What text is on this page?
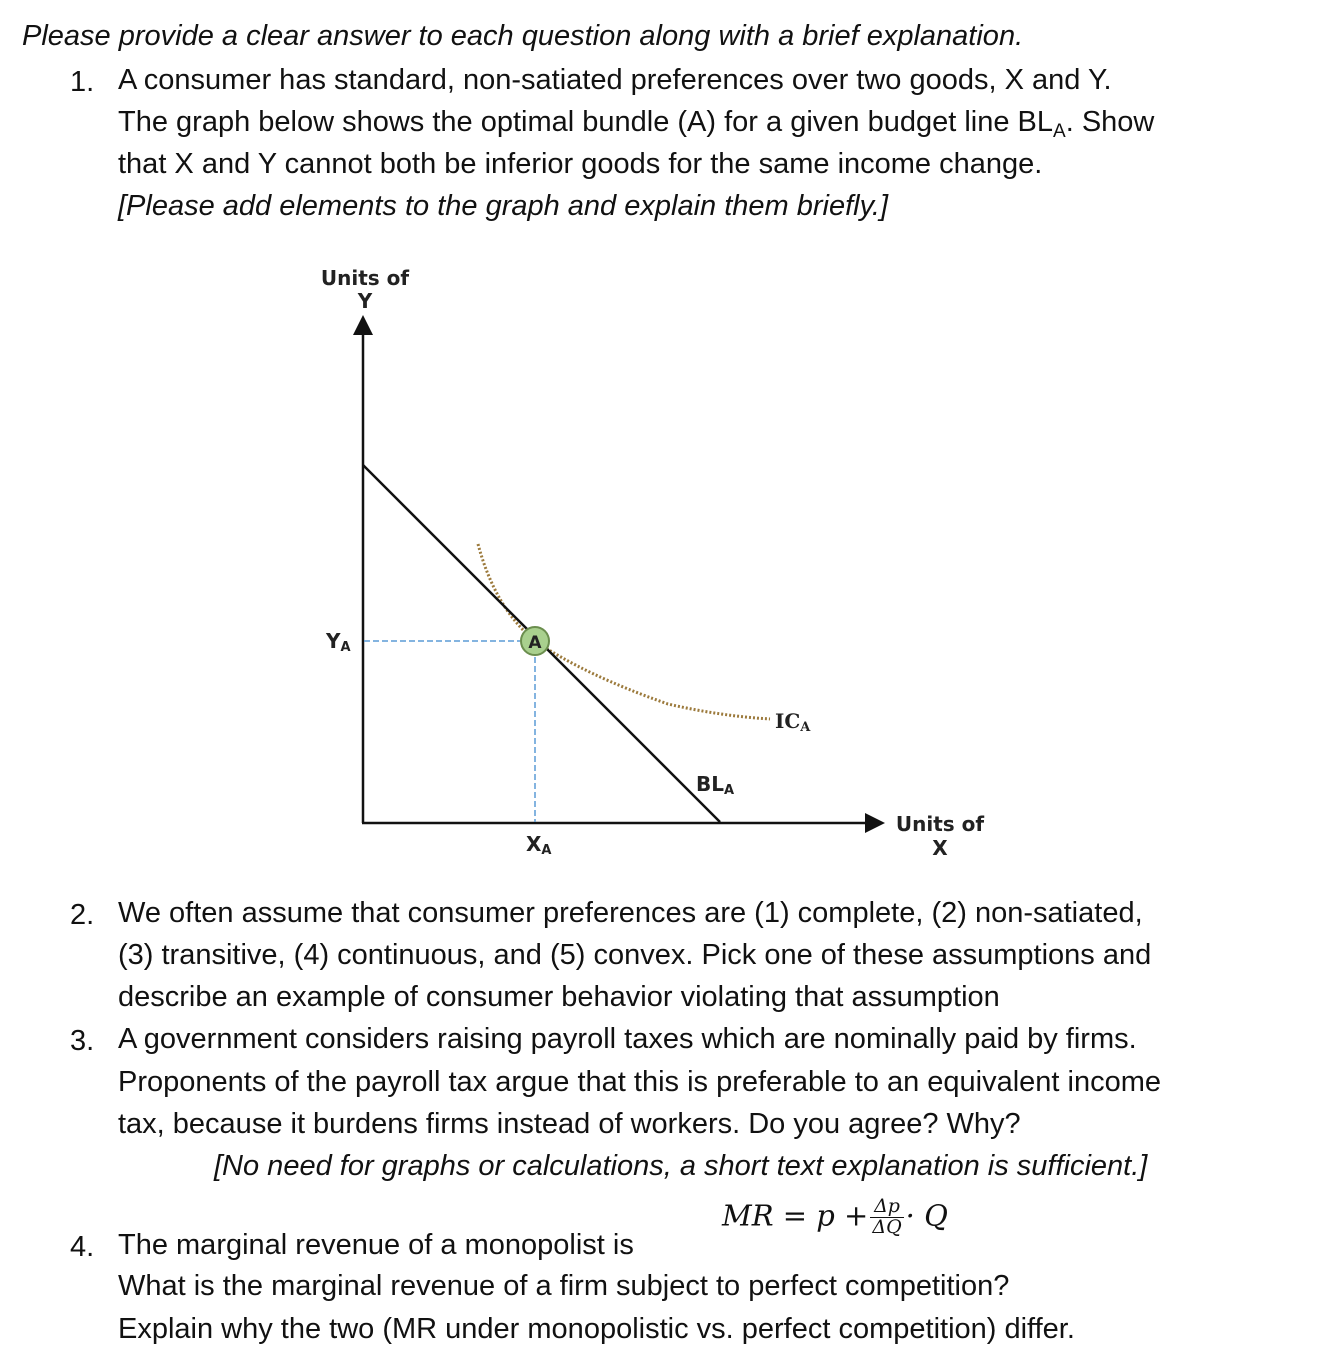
Please provide a clear answer to each question along with a brief explanation.
1. A consumer has standard, non-satiated preferences over two goods, X and Y.
The graph below shows the optimal bundle (A) for a given budget line $BL_A$. Show
that X and Y cannot both be inferior goods for the same income change.
[Please add elements to the graph and explain them briefly.]
Units of
Y
Units of
X
A
YA
XA
BLA
ICA
2. We often assume that consumer preferences are (1) complete, (2) non-satiated,
(3) transitive, (4) continuous, and (5) convex. Pick one of these assumptions and
describe an example of consumer behavior violating that assumption
3. A government considers raising payroll taxes which are nominally paid by firms.
Proponents of the payroll tax argue that this is preferable to an equivalent income
tax, because it burdens firms instead of workers. Do you agree? Why?
[No need for graphs or calculations, a short text explanation is sufficient.]
MR = $p + \frac{\Delta p}{\Delta Q} \cdot Q$
4. The marginal revenue of a monopolist is
What is the marginal revenue of a firm subject to perfect competition?
Explain why the two (MR under monopolistic vs. perfect competition) differ.
